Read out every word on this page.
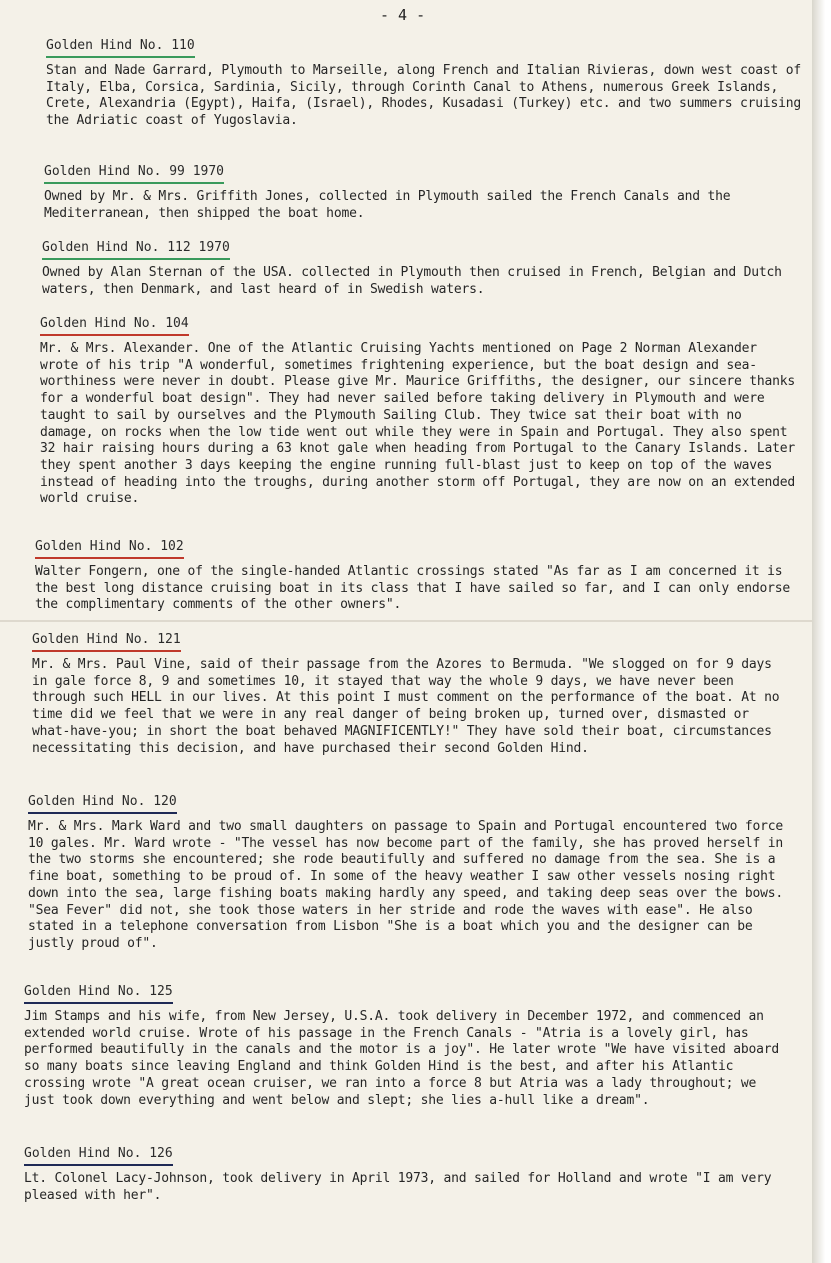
- 4 -
Golden Hind No. 110

Stan and Nade Garrard, Plymouth to Marseille, along French and Italian Rivieras, down west coast of Italy, Elba, Corsica, Sardinia, Sicily, through Corinth Canal to Athens, numerous Greek Islands, Crete, Alexandria (Egypt), Haifa, (Israel), Rhodes, Kusadasi (Turkey) etc. and two summers cruising the Adriatic coast of Yugoslavia.

Golden Hind No. 99 1970

Owned by Mr. & Mrs. Griffith Jones, collected in Plymouth sailed the French Canals and the Mediterranean, then shipped the boat home.

Golden Hind No. 112 1970

Owned by Alan Sternan of the USA. collected in Plymouth then cruised in French, Belgian and Dutch waters, then Denmark, and last heard of in Swedish waters.

Golden Hind No. 104

Mr. & Mrs. Alexander. One of the Atlantic Cruising Yachts mentioned on Page 2 Norman Alexander wrote of his trip "A wonderful, sometimes frightening experience, but the boat design and sea-worthiness were never in doubt. Please give Mr. Maurice Griffiths, the designer, our sincere thanks for a wonderful boat design". They had never sailed before taking delivery in Plymouth and were taught to sail by ourselves and the Plymouth Sailing Club. They twice sat their boat with no damage, on rocks when the low tide went out while they were in Spain and Portugal. They also spent 32 hair raising hours during a 63 knot gale when heading from Portugal to the Canary Islands. Later they spent another 3 days keeping the engine running full-blast just to keep on top of the waves instead of heading into the troughs, during another storm off Portugal, they are now on an extended world cruise.

Golden Hind No. 102

Walter Fongern, one of the single-handed Atlantic crossings stated "As far as I am concerned it is the best long distance cruising boat in its class that I have sailed so far, and I can only endorse the complimentary comments of the other owners".

Golden Hind No. 121

Mr. & Mrs. Paul Vine, said of their passage from the Azores to Bermuda. "We slogged on for 9 days in gale force 8, 9 and sometimes 10, it stayed that way the whole 9 days, we have never been through such HELL in our lives. At this point I must comment on the performance of the boat. At no time did we feel that we were in any real danger of being broken up, turned over, dismasted or what-have-you; in short the boat behaved MAGNIFICENTLY!" They have sold their boat, circumstances necessitating this decision, and have purchased their second Golden Hind.

Golden Hind No. 120

Mr. & Mrs. Mark Ward and two small daughters on passage to Spain and Portugal encountered two force 10 gales. Mr. Ward wrote - "The vessel has now become part of the family, she has proved herself in the two storms she encountered; she rode beautifully and suffered no damage from the sea. She is a fine boat, something to be proud of. In some of the heavy weather I saw other vessels nosing right down into the sea, large fishing boats making hardly any speed, and taking deep seas over the bows. "Sea Fever" did not, she took those waters in her stride and rode the waves with ease". He also stated in a telephone conversation from Lisbon "She is a boat which you and the designer can be justly proud of".

Golden Hind No. 125

Jim Stamps and his wife, from New Jersey, U.S.A. took delivery in December 1972, and commenced an extended world cruise. Wrote of his passage in the French Canals - "Atria is a lovely girl, has performed beautifully in the canals and the motor is a joy". He later wrote "We have visited aboard so many boats since leaving England and think Golden Hind is the best, and after his Atlantic crossing wrote "A great ocean cruiser, we ran into a force 8 but Atria was a lady throughout; we just took down everything and went below and slept; she lies a-hull like a dream".

Golden Hind No. 126

Lt. Colonel Lacy-Johnson, took delivery in April 1973, and sailed for Holland and wrote "I am very pleased with her".
